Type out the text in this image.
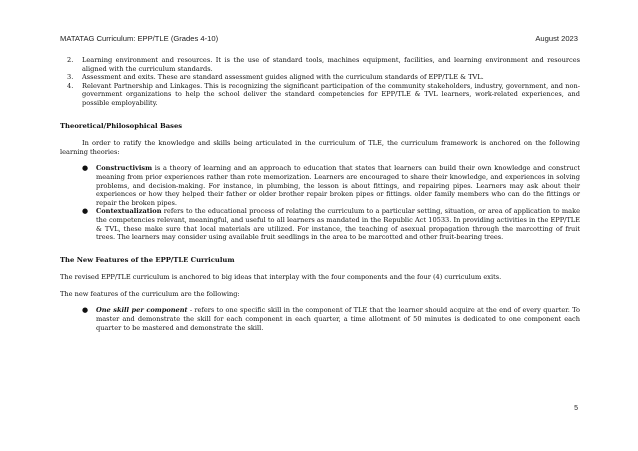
MATATAG Curriculum: EPP/TLE (Grades 4-10)	August 2023
2. Learning environment and resources. It is the use of standard tools, machines equipment, facilities, and learning environment and resources aligned with the curriculum standards.
3. Assessment and exits. These are standard assessment guides aligned with the curriculum standards of EPP/TLE & TVL.
4. Relevant Partnership and Linkages. This is recognizing the significant participation of the community stakeholders, industry, government, and non-government organizations to help the school deliver the standard competencies for EPP/TLE & TVL learners, work-related experiences, and possible employability.
Theoretical/Philosophical Bases

In order to ratify the knowledge and skills being articulated in the curriculum of TLE, the curriculum framework is anchored on the following learning theories:

● Constructivism is a theory of learning and an approach to education that states that learners can build their own knowledge and construct meaning from prior experiences rather than rote memorization. Learners are encouraged to share their knowledge, and experiences in solving problems, and decision-making. For instance, in plumbing, the lesson is about fittings, and repairing pipes. Learners may ask about their experiences or how they helped their father or older brother repair broken pipes or fittings. older family members who can do the fittings or repair the broken pipes.
● Contextualization refers to the educational process of relating the curriculum to a particular setting, situation, or area of application to make the competencies relevant, meaningful, and useful to all learners as mandated in the Republic Act 10533. In providing activities in the EPP/TLE & TVL, these make sure that local materials are utilized. For instance, the teaching of asexual propagation through the marcotting of fruit trees. The learners may consider using available fruit seedlings in the area to be marcotted and other fruit-bearing trees.
The New Features of the EPP/TLE Curriculum

The revised EPP/TLE curriculum is anchored to big ideas that interplay with the four components and the four (4) curriculum exits.

The new features of the curriculum are the following:

● One skill per component - refers to one specific skill in the component of TLE that the learner should acquire at the end of every quarter. To master and demonstrate the skill for each component in each quarter, a time allotment of 50 minutes is dedicated to one component each quarter to be mastered and demonstrate the skill.
5
